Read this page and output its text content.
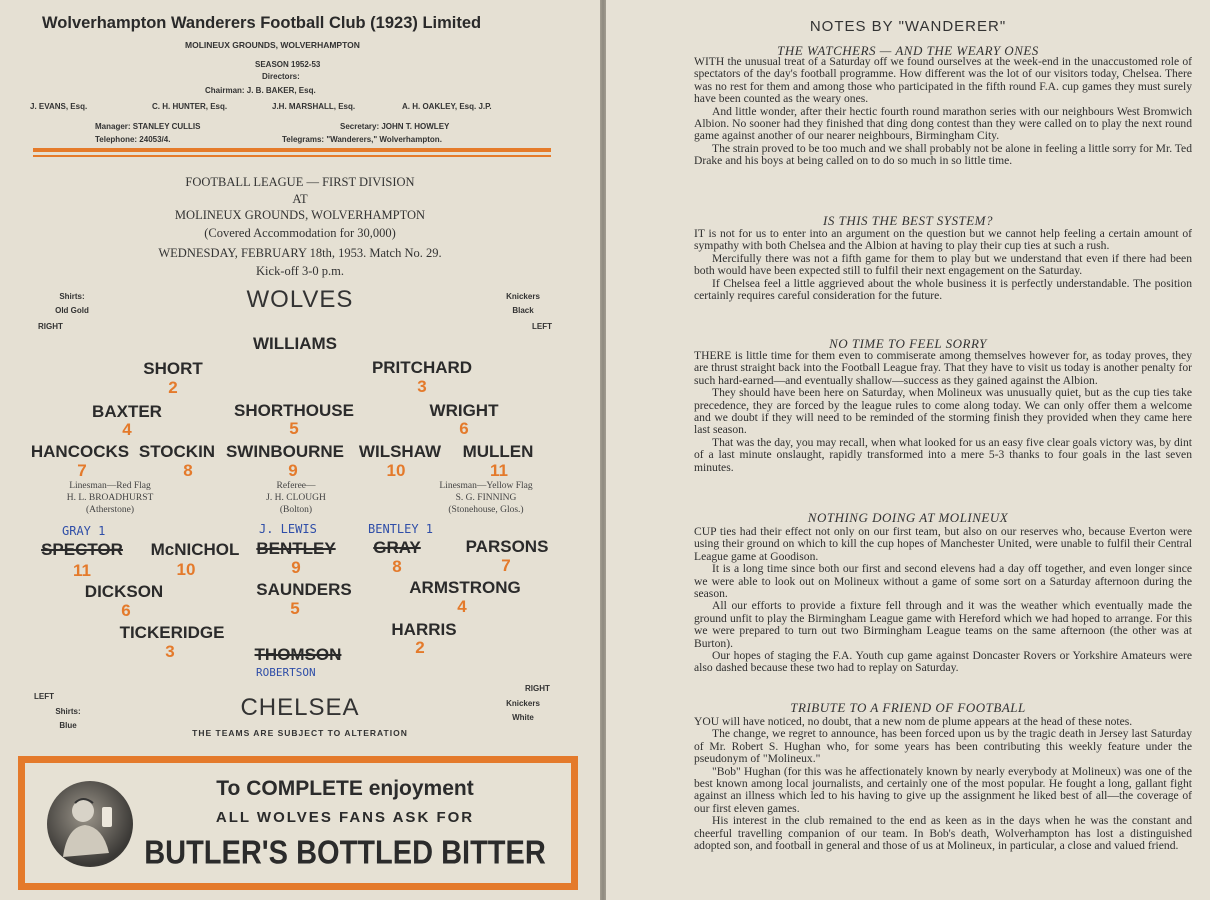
Wolverhampton Wanderers Football Club (1923) Limited
MOLINEUX GROUNDS, WOLVERHAMPTON
SEASON 1952-53
Directors:
Chairman: J. B. BAKER, Esq.
J. EVANS, Esq.	C. H. HUNTER, Esq.	J.H. MARSHALL, Esq.	A. H. OAKLEY, Esq. J.P.
Manager: STANLEY CULLIS	Secretary: JOHN T. HOWLEY
Telephone: 24053/4.	Telegrams: "Wanderers," Wolverhampton.
FOOTBALL LEAGUE — FIRST DIVISION
AT
MOLINEUX GROUNDS, WOLVERHAMPTON
(Covered Accommodation for 30,000)
WEDNESDAY, FEBRUARY 18th, 1953. Match No. 29.
Kick-off 3-0 p.m.
Shirts:
Old Gold
RIGHT
WOLVES	Knickers
Black
LEFT
WILLIAMS
SHORT
2
PRITCHARD
3
BAXTER
4
SHORTHOUSE
5
WRIGHT
6
HANCOCKS
7
STOCKIN
8
SWINBOURNE
9
WILSHAW
10
MULLEN
11
Linesman—Red Flag
H. L. BROADHURST
(Atherstone)
Referee—
J. H. CLOUGH
(Bolton)
Linesman—Yellow Flag
S. G. FINNING
(Stonehouse, Glos.)
GRAY 1
SPECTOR
11
McNICHOL
10
J. LEWIS
BENTLEY
9
BENTLEY 1
GRAY
8
PARSONS
7
DICKSON
6
SAUNDERS
5
ARMSTRONG
4
TICKERIDGE
3
HARRIS
2
THOMSON
ROBERTSON
LEFT
Shirts:
Blue
CHELSEA
RIGHT
Knickers
White
THE TEAMS ARE SUBJECT TO ALTERATION
To COMPLETE enjoyment
ALL WOLVES FANS ASK FOR
BUTLER'S BOTTLED BITTER
NOTES BY "WANDERER"
THE WATCHERS — AND THE WEARY ONES

WITH the unusual treat of a Saturday off we found ourselves at the week-end in the unaccustomed role of spectators of the day's football programme. How different was the lot of our visitors today, Chelsea. There was no rest for them and among those who participated in the fifth round F.A. cup games they must surely have been counted as the weary ones.

And little wonder, after their hectic fourth round marathon series with our neighbours West Bromwich Albion. No sooner had they finished that ding dong contest than they were called on to play the next round game against another of our nearer neighbours, Birmingham City.

The strain proved to be too much and we shall probably not be alone in feeling a little sorry for Mr. Ted Drake and his boys at being called on to do so much in so little time.

IS THIS THE BEST SYSTEM?

IT is not for us to enter into an argument on the question but we cannot help feeling a certain amount of sympathy with both Chelsea and the Albion at having to play their cup ties at such a rush.

Mercifully there was not a fifth game for them to play but we understand that even if there had been both would have been expected still to fulfil their next engagement on the Saturday.

If Chelsea feel a little aggrieved about the whole business it is perfectly understandable. The position certainly requires careful consideration for the future.

NO TIME TO FEEL SORRY

THERE is little time for them even to commiserate among themselves however for, as today proves, they are thrust straight back into the Football League fray. That they have to visit us today is another penalty for such hard-earned—and eventually shallow—success as they gained against the Albion.

They should have been here on Saturday, when Molineux was unusually quiet, but as the cup ties take precedence, they are forced by the league rules to come along today. We can only offer them a welcome and we doubt if they will need to be reminded of the storming finish they provided when they came here last season.

That was the day, you may recall, when what looked for us an easy five clear goals victory was, by dint of a last minute onslaught, rapidly transformed into a mere 5-3 thanks to four goals in the last seven minutes.

NOTHING DOING AT MOLINEUX

CUP ties had their effect not only on our first team, but also on our reserves who, because Everton were using their ground on which to kill the cup hopes of Manchester United, were unable to fulfil their Central League game at Goodison.

It is a long time since both our first and second elevens had a day off together, and even longer since we were able to look out on Molineux without a game of some sort on a Saturday afternoon during the season.

All our efforts to provide a fixture fell through and it was the weather which eventually made the ground unfit to play the Birmingham League game with Hereford which we had hoped to arrange. For this we were prepared to turn out two Birmingham League teams on the same afternoon (the other was at Burton).

Our hopes of staging the F.A. Youth cup game against Doncaster Rovers or Yorkshire Amateurs were also dashed because these two had to replay on Saturday.

TRIBUTE TO A FRIEND OF FOOTBALL

YOU will have noticed, no doubt, that a new nom de plume appears at the head of these notes.

The change, we regret to announce, has been forced upon us by the tragic death in Jersey last Saturday of Mr. Robert S. Hughan who, for some years has been contributing this weekly feature under the pseudonym of "Molineux."

"Bob" Hughan (for this was he affectionately known by nearly everybody at Molineux) was one of the best known among local journalists, and certainly one of the most popular. He fought a long, gallant fight against an illness which led to his having to give up the assignment he liked best of all—the coverage of our first eleven games.

His interest in the club remained to the end as keen as in the days when he was the constant and cheerful travelling companion of our team. In Bob's death, Wolverhampton has lost a distinguished adopted son, and football in general and those of us at Molineux, in particular, a close and valued friend.
